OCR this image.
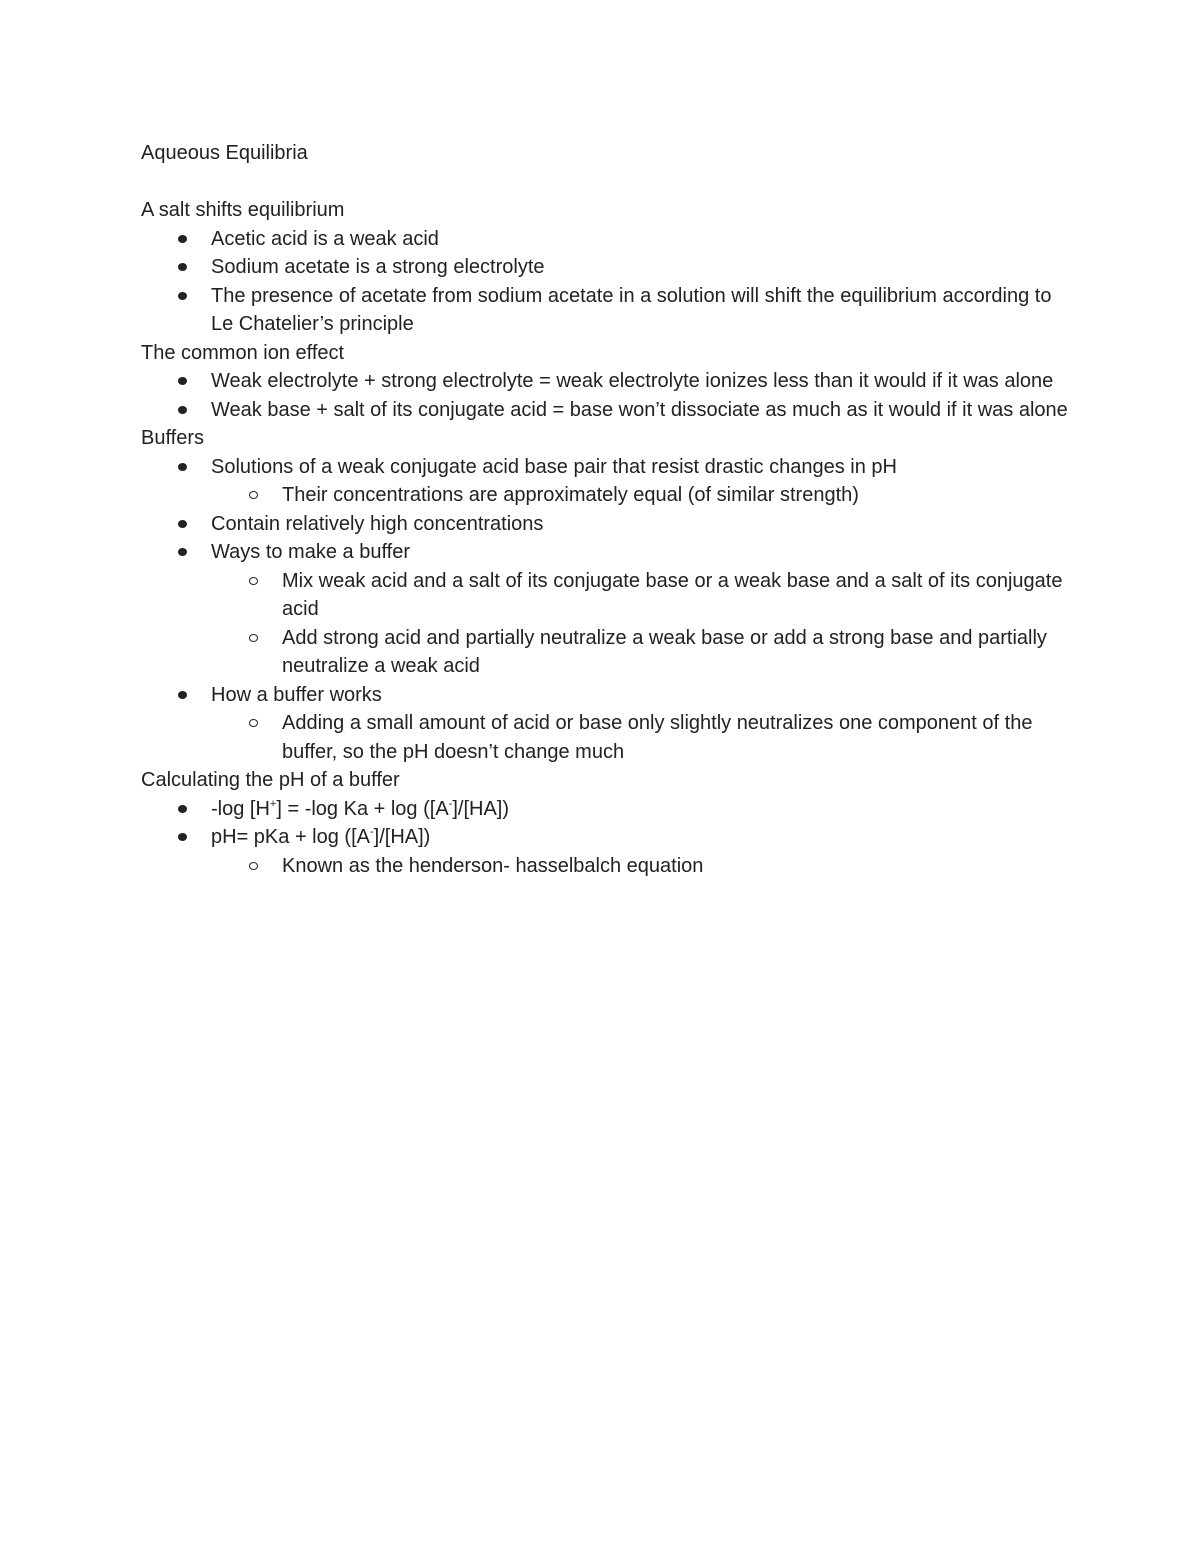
Aqueous Equilibria

A salt shifts equilibrium

Acetic acid is a weak acid
Sodium acetate is a strong electrolyte
The presence of acetate from sodium acetate in a solution will shift the equilibrium according to Le Chatelier’s principle

The common ion effect

Weak electrolyte + strong electrolyte = weak electrolyte ionizes less than it would if it was alone
Weak base + salt of its conjugate acid = base won’t dissociate as much as it would if it was alone

Buffers

Solutions of a weak conjugate acid base pair that resist drastic changes in pH
Their concentrations are approximately equal (of similar strength)
Contain relatively high concentrations
Ways to make a buffer
Mix weak acid and a salt of its conjugate base or a weak base and a salt of its conjugate acid
Add strong acid and partially neutralize a weak base or add a strong base and partially neutralize a weak acid
How a buffer works
Adding a small amount of acid or base only slightly neutralizes one component of the buffer, so the pH doesn’t change much

Calculating the pH of a buffer

-log [H+] = -log Ka + log ([A-]/[HA])
pH= pKa + log ([A-]/[HA])
Known as the henderson- hasselbalch equation
